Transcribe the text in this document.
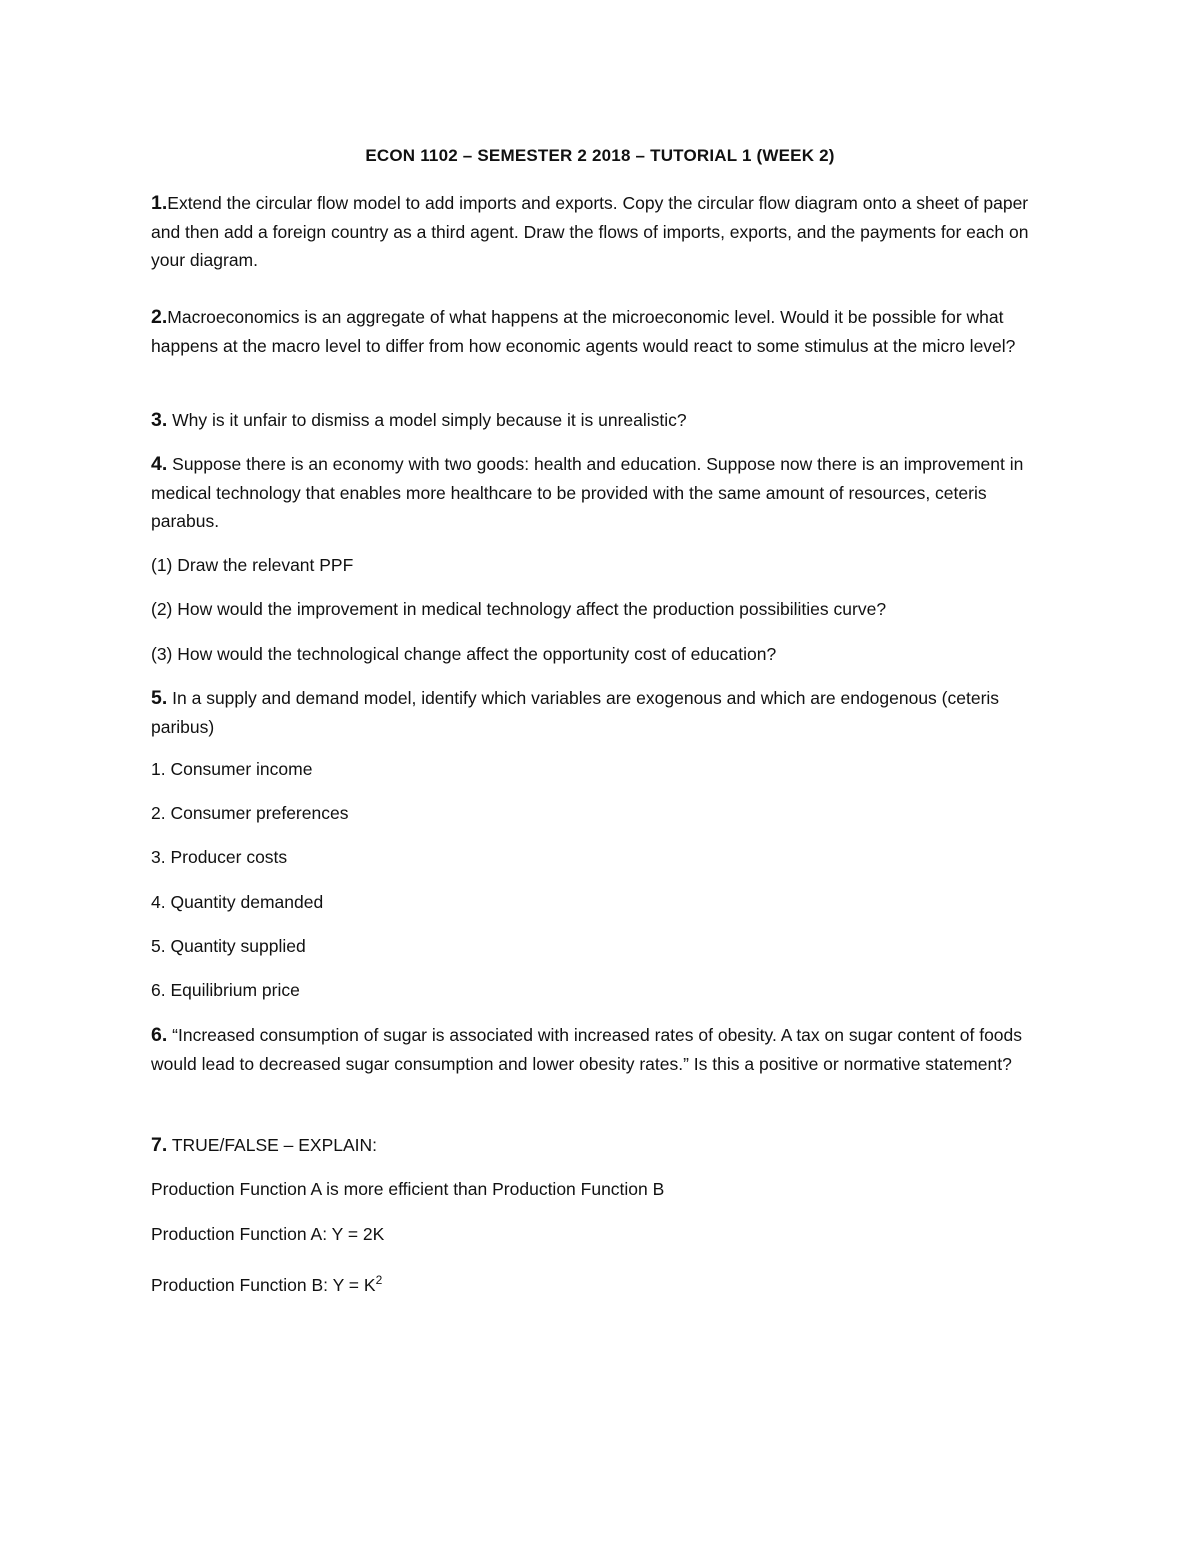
ECON 1102 – SEMESTER 2 2018 – TUTORIAL 1 (WEEK 2)
1.Extend the circular flow model to add imports and exports. Copy the circular flow diagram onto a sheet of paper and then add a foreign country as a third agent. Draw the flows of imports, exports, and the payments for each on your diagram.
2.Macroeconomics is an aggregate of what happens at the microeconomic level. Would it be possible for what happens at the macro level to differ from how economic agents would react to some stimulus at the micro level?
3. Why is it unfair to dismiss a model simply because it is unrealistic?
4. Suppose there is an economy with two goods: health and education. Suppose now there is an improvement in medical technology that enables more healthcare to be provided with the same amount of resources, ceteris parabus.
(1) Draw the relevant PPF
(2) How would the improvement in medical technology affect the production possibilities curve?
(3) How would the technological change affect the opportunity cost of education?
5. In a supply and demand model, identify which variables are exogenous and which are endogenous (ceteris paribus)
1. Consumer income
2. Consumer preferences
3. Producer costs
4. Quantity demanded
5. Quantity supplied
6. Equilibrium price
6. “Increased consumption of sugar is associated with increased rates of obesity. A tax on sugar content of foods would lead to decreased sugar consumption and lower obesity rates.” Is this a positive or normative statement?
7. TRUE/FALSE – EXPLAIN:
Production Function A is more efficient than Production Function B
Production Function A: Y = 2K
Production Function B: $Y = K^2$
